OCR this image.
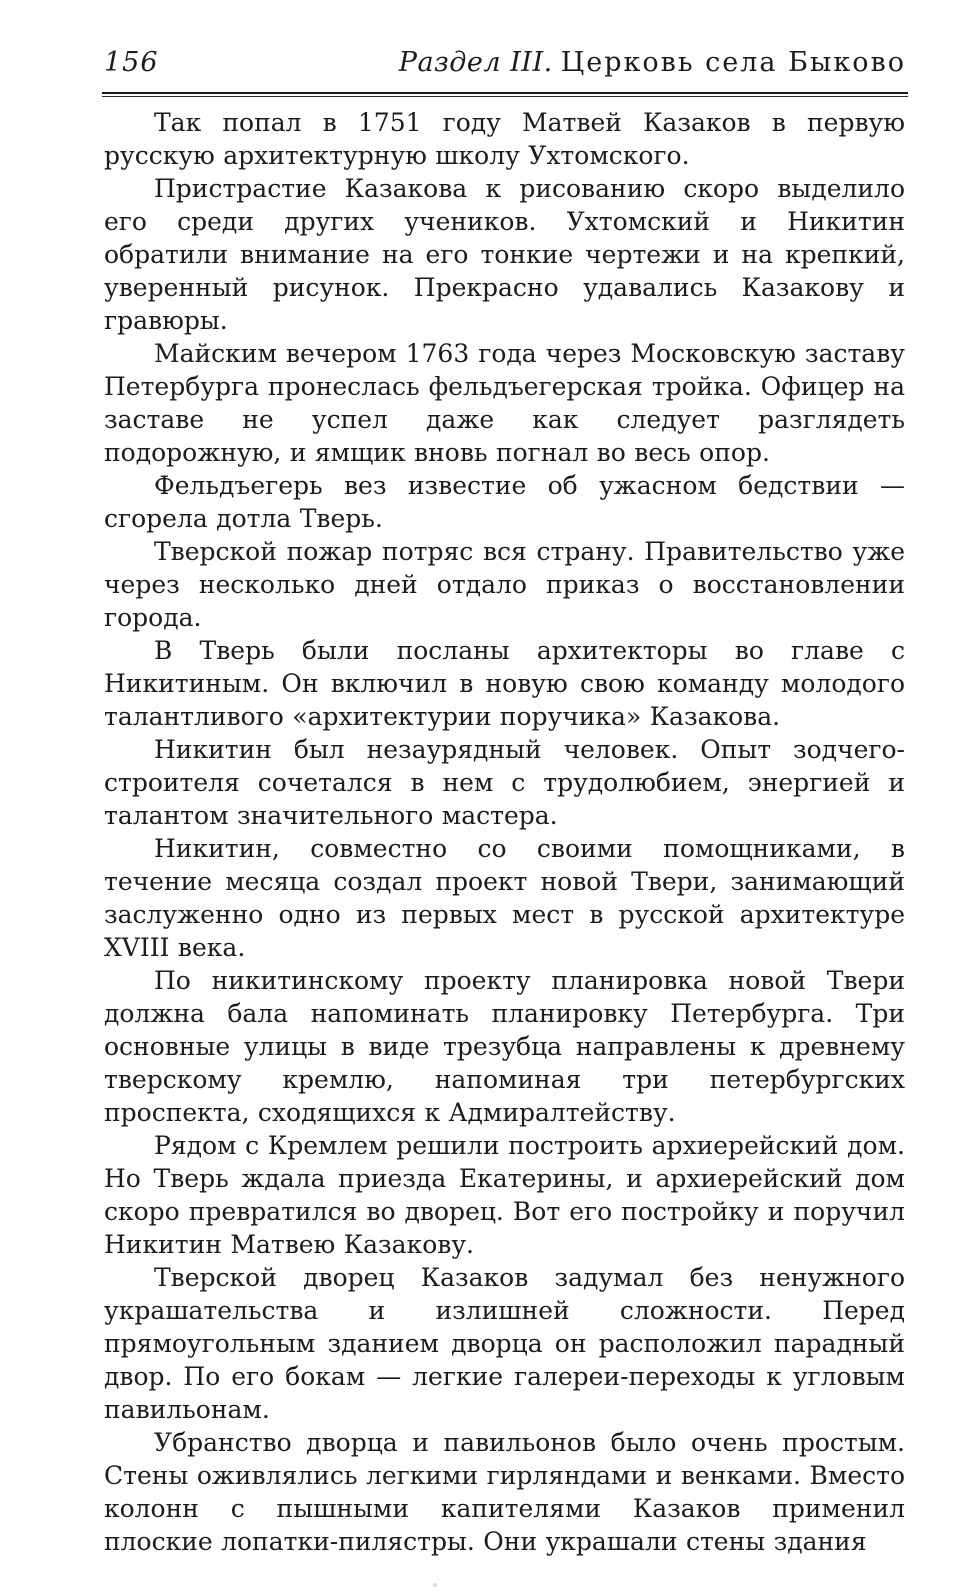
156	Раздел III. Церковь села Быково

Так попал в 1751 году Матвей Казаков в первую русскую архитектурную школу Ухтомского.

Пристрастие Казакова к рисованию скоро выделило его среди других учеников. Ухтомский и Никитин обратили внимание на его тонкие чертежи и на крепкий, уверенный рисунок. Прекрасно удавались Казакову и гравюры.

Майским вечером 1763 года через Московскую заставу Петербурга пронеслась фельдъегерская тройка. Офицер на заставе не успел даже как следует разглядеть подорожную, и ямщик вновь погнал во весь опор.

Фельдъегерь вез известие об ужасном бедствии — сгорела дотла Тверь.

Тверской пожар потряс вся страну. Правительство уже через несколько дней отдало приказ о восстановлении города.

В Тверь были посланы архитекторы во главе с Никитиным. Он включил в новую свою команду молодого талантливого «архитектурии поручика» Казакова.

Никитин был незаурядный человек. Опыт зодчего-строителя сочетался в нем с трудолюбием, энергией и талантом значительного мастера.

Никитин, совместно со своими помощниками, в течение месяца создал проект новой Твери, занимающий заслуженно одно из первых мест в русской архитектуре XVIII века.

По никитинскому проекту планировка новой Твери должна бала напоминать планировку Петербурга. Три основные улицы в виде трезубца направлены к древнему тверскому кремлю, напоминая три петербургских проспекта, сходящихся к Адмиралтейству.

Рядом с Кремлем решили построить архиерейский дом. Но Тверь ждала приезда Екатерины, и архиерейский дом скоро превратился во дворец. Вот его постройку и поручил Никитин Матвею Казакову.

Тверской дворец Казаков задумал без ненужного украшательства и излишней сложности. Перед прямоугольным зданием дворца он расположил парадный двор. По его бокам — легкие галереи-переходы к угловым павильонам.

Убранство дворца и павильонов было очень простым. Стены оживлялись легкими гирляндами и венками. Вместо колонн с пышными капителями Казаков применил плоские лопатки-пилястры. Они украшали стены здания
